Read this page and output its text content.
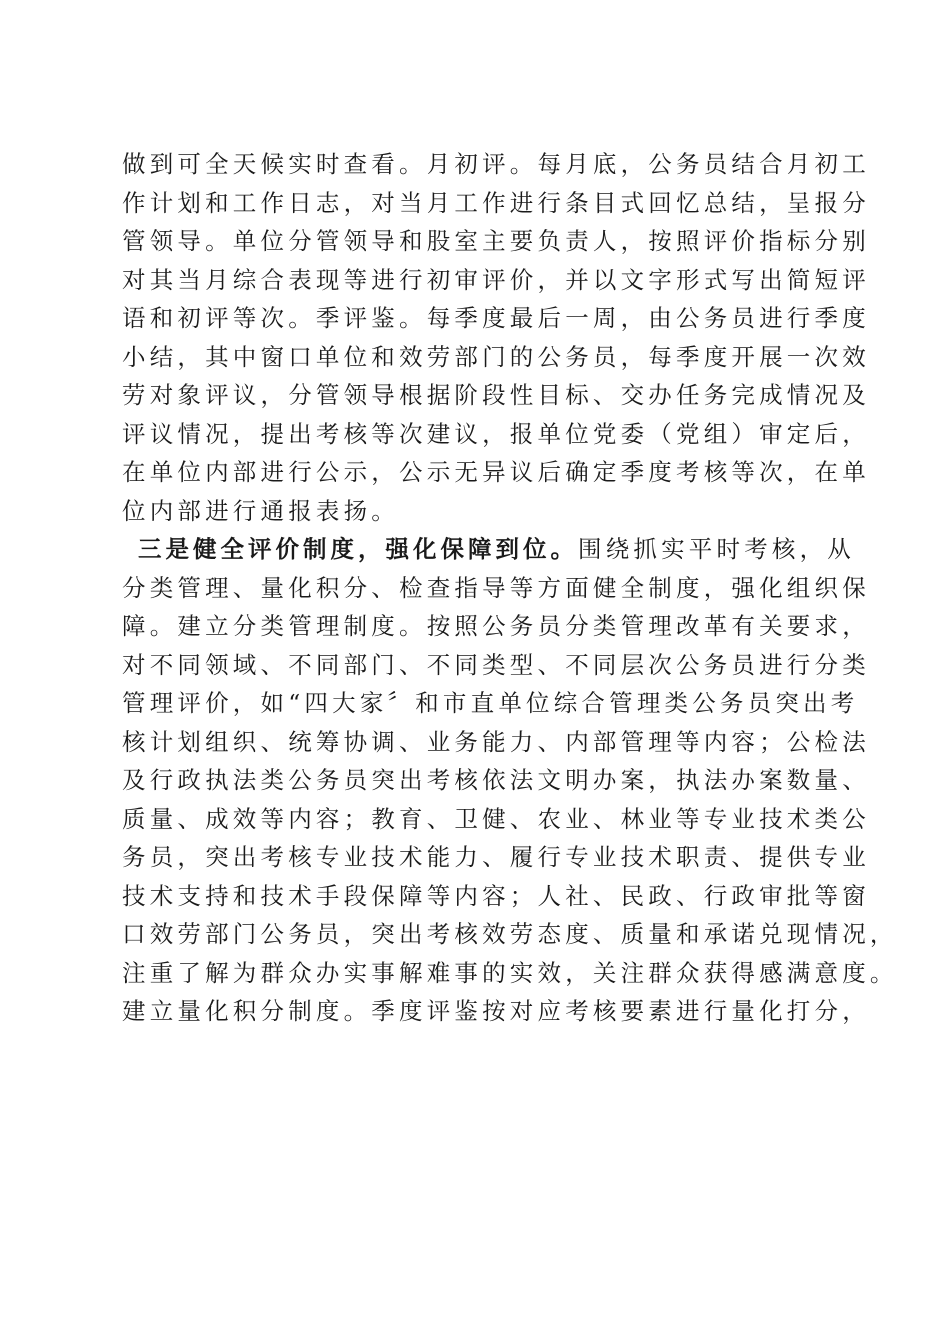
做到可全天候实时查看。月初评。每月底，公务员结合月初工
作计划和工作日志，对当月工作进行条目式回忆总结，呈报分
管领导。单位分管领导和股室主要负责人，按照评价指标分别
对其当月综合表现等进行初审评价，并以文字形式写出简短评
语和初评等次。季评鉴。每季度最后一周，由公务员进行季度
小结，其中窗口单位和效劳部门的公务员，每季度开展一次效
劳对象评议，分管领导根据阶段性目标、交办任务完成情况及
评议情况，提出考核等次建议，报单位党委（党组）审定后，
在单位内部进行公示，公示无异议后确定季度考核等次，在单
位内部进行通报表扬。
三是健全评价制度，强化保障到位。围绕抓实平时考核，从
分类管理、量化积分、检查指导等方面健全制度，强化组织保
障。建立分类管理制度。按照公务员分类管理改革有关要求，
对不同领域、不同部门、不同类型、不同层次公务员进行分类
管理评价，如“四大家〞和市直单位综合管理类公务员突出考
核计划组织、统筹协调、业务能力、内部管理等内容；公检法
及行政执法类公务员突出考核依法文明办案，执法办案数量、
质量、成效等内容；教育、卫健、农业、林业等专业技术类公
务员，突出考核专业技术能力、履行专业技术职责、提供专业
技术支持和技术手段保障等内容；人社、民政、行政审批等窗
口效劳部门公务员，突出考核效劳态度、质量和承诺兑现情况，
注重了解为群众办实事解难事的实效，关注群众获得感满意度。
建立量化积分制度。季度评鉴按对应考核要素进行量化打分，
